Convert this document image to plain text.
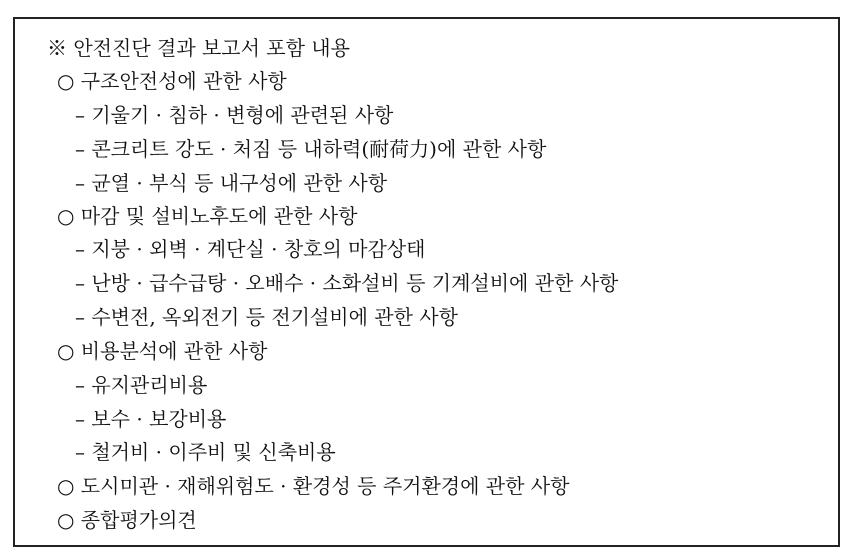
※ 안전진단 결과 보고서 포함 내용
○ 구조안전성에 관한 사항
– 기울기 · 침하 · 변형에 관련된 사항
– 콘크리트 강도 · 처짐 등 내하력(耐荷力)에 관한 사항
– 균열 · 부식 등 내구성에 관한 사항
○ 마감 및 설비노후도에 관한 사항
– 지붕 · 외벽 · 계단실 · 창호의 마감상태
– 난방 · 급수급탕 · 오배수 · 소화설비 등 기계설비에 관한 사항
– 수변전, 옥외전기 등 전기설비에 관한 사항
○ 비용분석에 관한 사항
– 유지관리비용
– 보수 · 보강비용
– 철거비 · 이주비 및 신축비용
○ 도시미관 · 재해위험도 · 환경성 등 주거환경에 관한 사항
○ 종합평가의견
